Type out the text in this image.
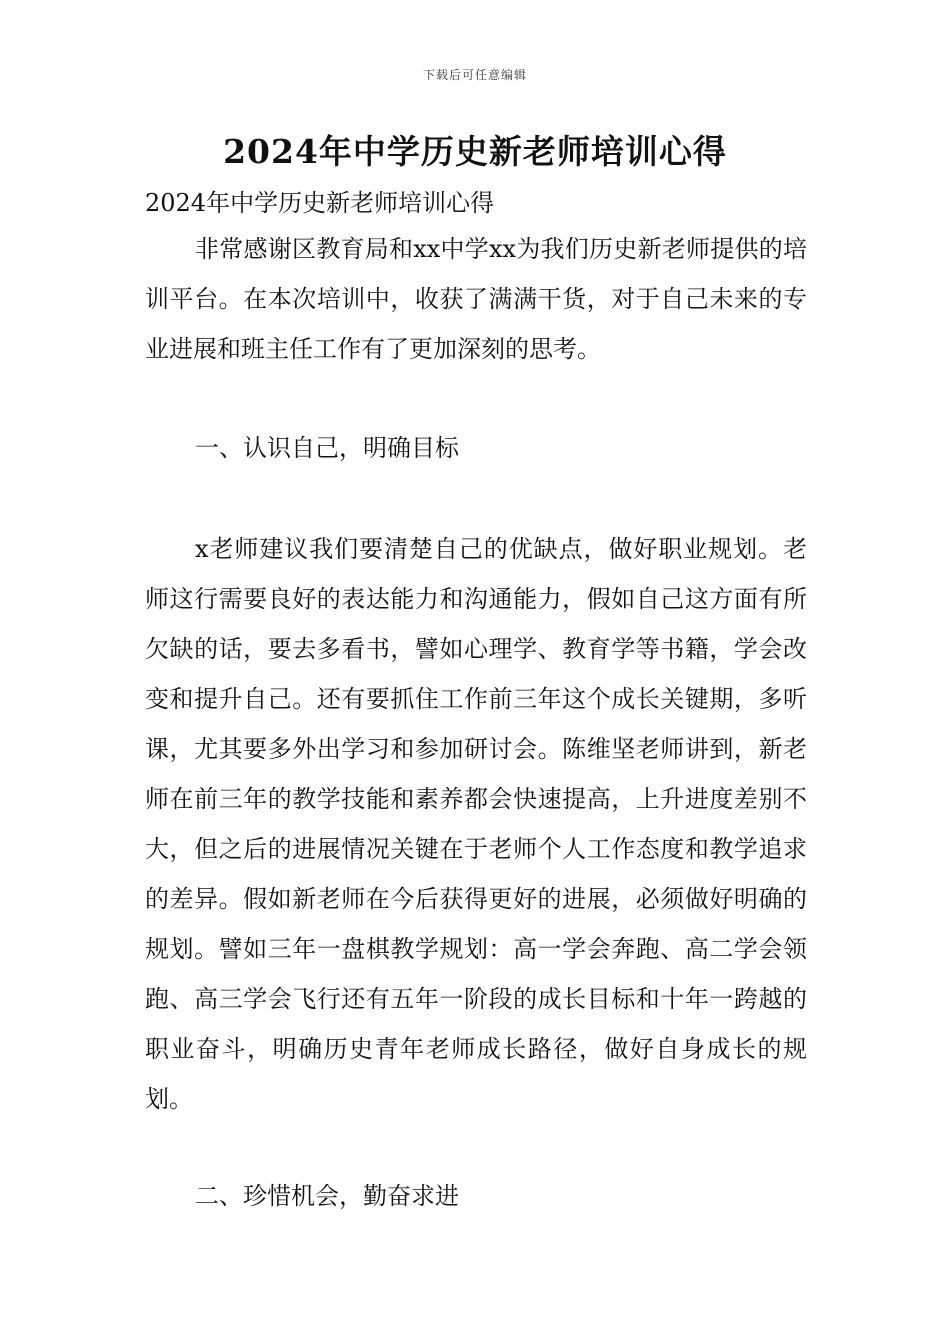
下载后可任意编辑
2024年中学历史新老师培训心得
2024年中学历史新老师培训心得

非常感谢区教育局和xx中学xx为我们历史新老师提供的培训平台。在本次培训中，收获了满满干货，对于自己未来的专业进展和班主任工作有了更加深刻的思考。

一、认识自己，明确目标

x老师建议我们要清楚自己的优缺点，做好职业规划。老师这行需要良好的表达能力和沟通能力，假如自己这方面有所欠缺的话，要去多看书，譬如心理学、教育学等书籍，学会改变和提升自己。还有要抓住工作前三年这个成长关键期，多听课，尤其要多外出学习和参加研讨会。陈维坚老师讲到，新老师在前三年的教学技能和素养都会快速提高，上升进度差别不大，但之后的进展情况关键在于老师个人工作态度和教学追求的差异。假如新老师在今后获得更好的进展，必须做好明确的规划。譬如三年一盘棋教学规划：高一学会奔跑、高二学会领跑、高三学会飞行还有五年一阶段的成长目标和十年一跨越的职业奋斗，明确历史青年老师成长路径，做好自身成长的规划。

二、珍惜机会，勤奋求进
